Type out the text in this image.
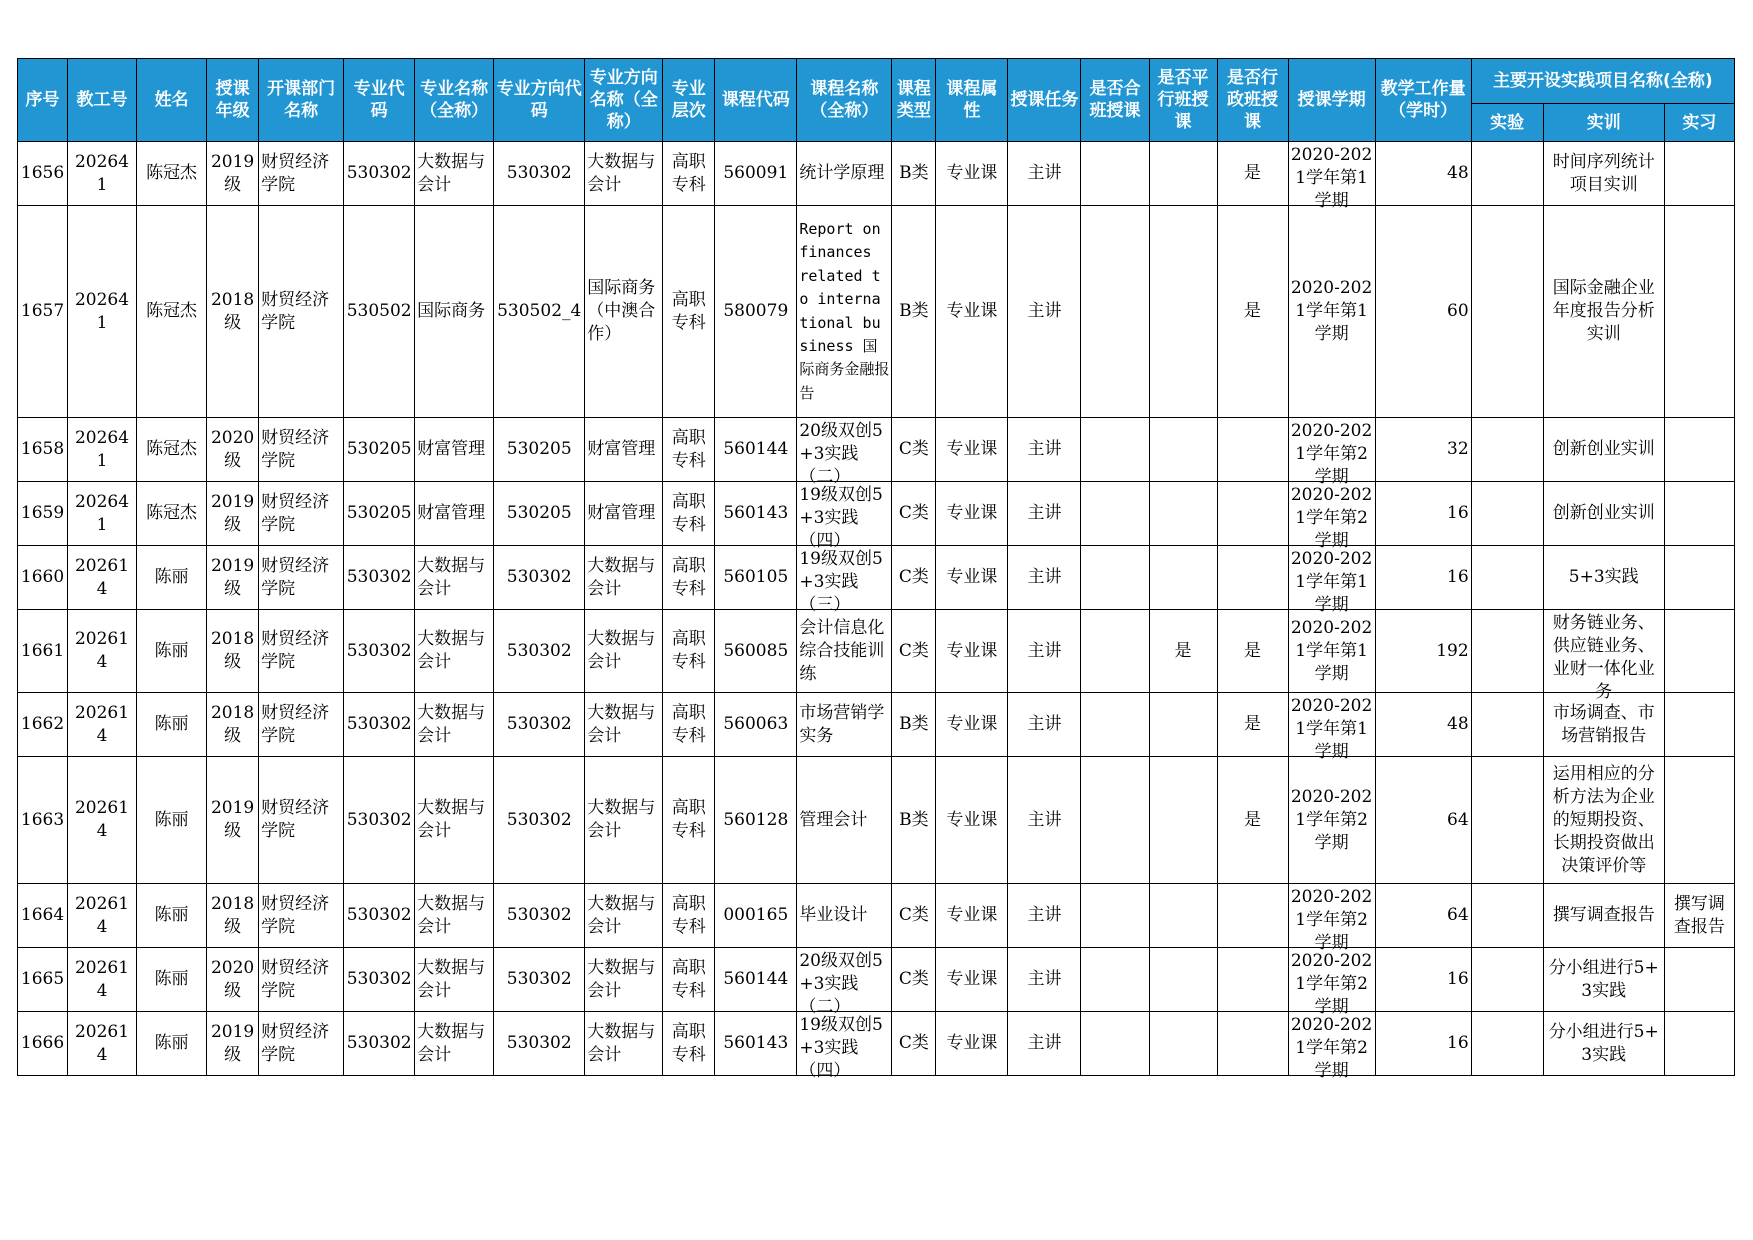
序号	教工号	姓名	授课年级	开课部门名称	专业代码	专业名称（全称）	专业方向代码	专业方向名称（全称）	专业层次	课程代码	课程名称（全称）	课程类型	课程属性	授课任务	是否合班授课	是否平行班授课	是否行政班授课	授课学期	教学工作量（学时）	主要开设实践项目名称(全称)		
																				实验	实训	实习

1656	202641	陈冠杰	2019级	财贸经济学院	530302	大数据与会计	530302	大数据与会计	高职专科	560091	统计学原理	B类	专业课	主讲			是	2020-2021学年第1学期	48		时间序列统计项目实训	

1657	202641	陈冠杰	2018级	财贸经济学院	530502	国际商务	530502_4	国际商务（中澳合作）	高职专科	580079	Report on finances related to international business 国际商务金融报告	B类	专业课	主讲			是	2020-2021学年第1学期	60		国际金融企业年度报告分析实训	

1658	202641	陈冠杰	2020级	财贸经济学院	530205	财富管理	530205	财富管理	高职专科	560144	20级双创5+3实践（二）	C类	专业课	主讲				2020-2021学年第2学期	32		创新创业实训	

1659	202641	陈冠杰	2019级	财贸经济学院	530205	财富管理	530205	财富管理	高职专科	560143	19级双创5+3实践（四）	C类	专业课	主讲				2020-2021学年第2学期	16		创新创业实训	

1660	202614	陈丽	2019级	财贸经济学院	530302	大数据与会计	530302	大数据与会计	高职专科	560105	19级双创5+3实践（三）	C类	专业课	主讲				2020-2021学年第1学期	16		5+3实践	

1661	202614	陈丽	2018级	财贸经济学院	530302	大数据与会计	530302	大数据与会计	高职专科	560085	会计信息化综合技能训练	C类	专业课	主讲		是	是	2020-2021学年第1学期	192		财务链业务、供应链业务、业财一体化业务	

1662	202614	陈丽	2018级	财贸经济学院	530302	大数据与会计	530302	大数据与会计	高职专科	560063	市场营销学实务	B类	专业课	主讲			是	2020-2021学年第1学期	48		市场调查、市场营销报告	

1663	202614	陈丽	2019级	财贸经济学院	530302	大数据与会计	530302	大数据与会计	高职专科	560128	管理会计	B类	专业课	主讲			是	2020-2021学年第2学期	64		运用相应的分析方法为企业的短期投资、长期投资做出决策评价等	

1664	202614	陈丽	2018级	财贸经济学院	530302	大数据与会计	530302	大数据与会计	高职专科	000165	毕业设计	C类	专业课	主讲				2020-2021学年第2学期	64		撰写调查报告	撰写调查报告

1665	202614	陈丽	2020级	财贸经济学院	530302	大数据与会计	530302	大数据与会计	高职专科	560144	20级双创5+3实践（二）	C类	专业课	主讲				2020-2021学年第2学期	16		分小组进行5+3实践	

1666	202614	陈丽	2019级	财贸经济学院	530302	大数据与会计	530302	大数据与会计	高职专科	560143	19级双创5+3实践（四）	C类	专业课	主讲				2020-2021学年第2学期	16		分小组进行5+3实践	
